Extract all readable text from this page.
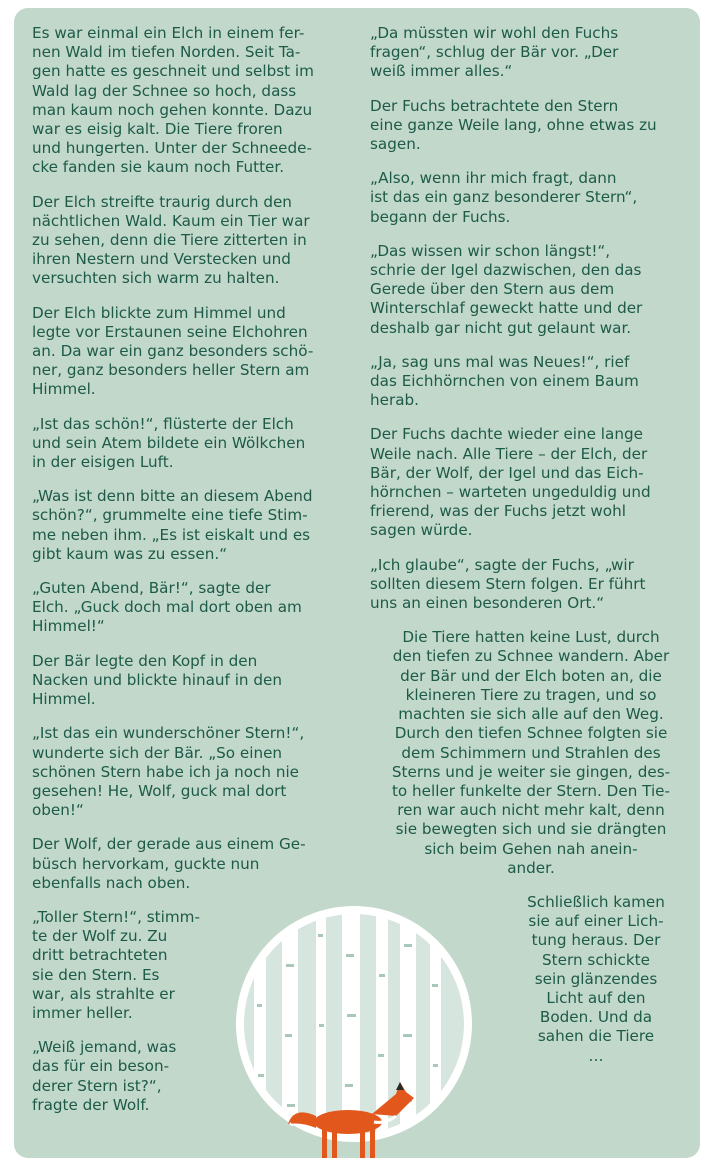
Es war einmal ein Elch in einem fer-
nen Wald im tiefen Norden. Seit Ta-
gen hatte es geschneit und selbst im
Wald lag der Schnee so hoch, dass
man kaum noch gehen konnte. Dazu
war es eisig kalt. Die Tiere froren
und hungerten. Unter der Schneede-
cke fanden sie kaum noch Futter.

Der Elch streifte traurig durch den
nächtlichen Wald. Kaum ein Tier war
zu sehen, denn die Tiere zitterten in
ihren Nestern und Verstecken und
versuchten sich warm zu halten.

Der Elch blickte zum Himmel und
legte vor Erstaunen seine Elchohren
an. Da war ein ganz besonders schö-
ner, ganz besonders heller Stern am
Himmel.

„Ist das schön!“, flüsterte der Elch
und sein Atem bildete ein Wölkchen
in der eisigen Luft.

„Was ist denn bitte an diesem Abend
schön?“, grummelte eine tiefe Stim-
me neben ihm. „Es ist eiskalt und es
gibt kaum was zu essen.“

„Guten Abend, Bär!“, sagte der
Elch. „Guck doch mal dort oben am
Himmel!“

Der Bär legte den Kopf in den
Nacken und blickte hinauf in den
Himmel.

„Ist das ein wunderschöner Stern!“,
wunderte sich der Bär. „So einen
schönen Stern habe ich ja noch nie
gesehen! He, Wolf, guck mal dort
oben!“

Der Wolf, der gerade aus einem Ge-
büsch hervorkam, guckte nun
ebenfalls nach oben.

„Toller Stern!“, stimm-
te der Wolf zu. Zu
dritt betrachteten
sie den Stern. Es
war, als strahlte er
immer heller.

„Weiß jemand, was
das für ein beson-
derer Stern ist?“,
fragte der Wolf.

„Da müssten wir wohl den Fuchs
fragen“, schlug der Bär vor. „Der
weiß immer alles.“

Der Fuchs betrachtete den Stern
eine ganze Weile lang, ohne etwas zu
sagen.

„Also, wenn ihr mich fragt, dann
ist das ein ganz besonderer Stern“,
begann der Fuchs.

„Das wissen wir schon längst!“,
schrie der Igel dazwischen, den das
Gerede über den Stern aus dem
Winterschlaf geweckt hatte und der
deshalb gar nicht gut gelaunt war.

„Ja, sag uns mal was Neues!“, rief
das Eichhörnchen von einem Baum
herab.

Der Fuchs dachte wieder eine lange
Weile nach. Alle Tiere – der Elch, der
Bär, der Wolf, der Igel und das Eich-
hörnchen – warteten ungeduldig und
frierend, was der Fuchs jetzt wohl
sagen würde.

„Ich glaube“, sagte der Fuchs, „wir
sollten diesem Stern folgen. Er führt
uns an einen besonderen Ort.“

Die Tiere hatten keine Lust, durch
den tiefen zu Schnee wandern. Aber
der Bär und der Elch boten an, die
kleineren Tiere zu tragen, und so
machten sie sich alle auf den Weg.
Durch den tiefen Schnee folgten sie
dem Schimmern und Strahlen des
Sterns und je weiter sie gingen, des-
to heller funkelte der Stern. Den Tie-
ren war auch nicht mehr kalt, denn
sie bewegten sich und sie drängten
sich beim Gehen nah anein-
ander.

Schließlich kamen
sie auf einer Lich-
tung heraus. Der
Stern schickte
sein glänzendes
Licht auf den
Boden. Und da
sahen die Tiere
…
